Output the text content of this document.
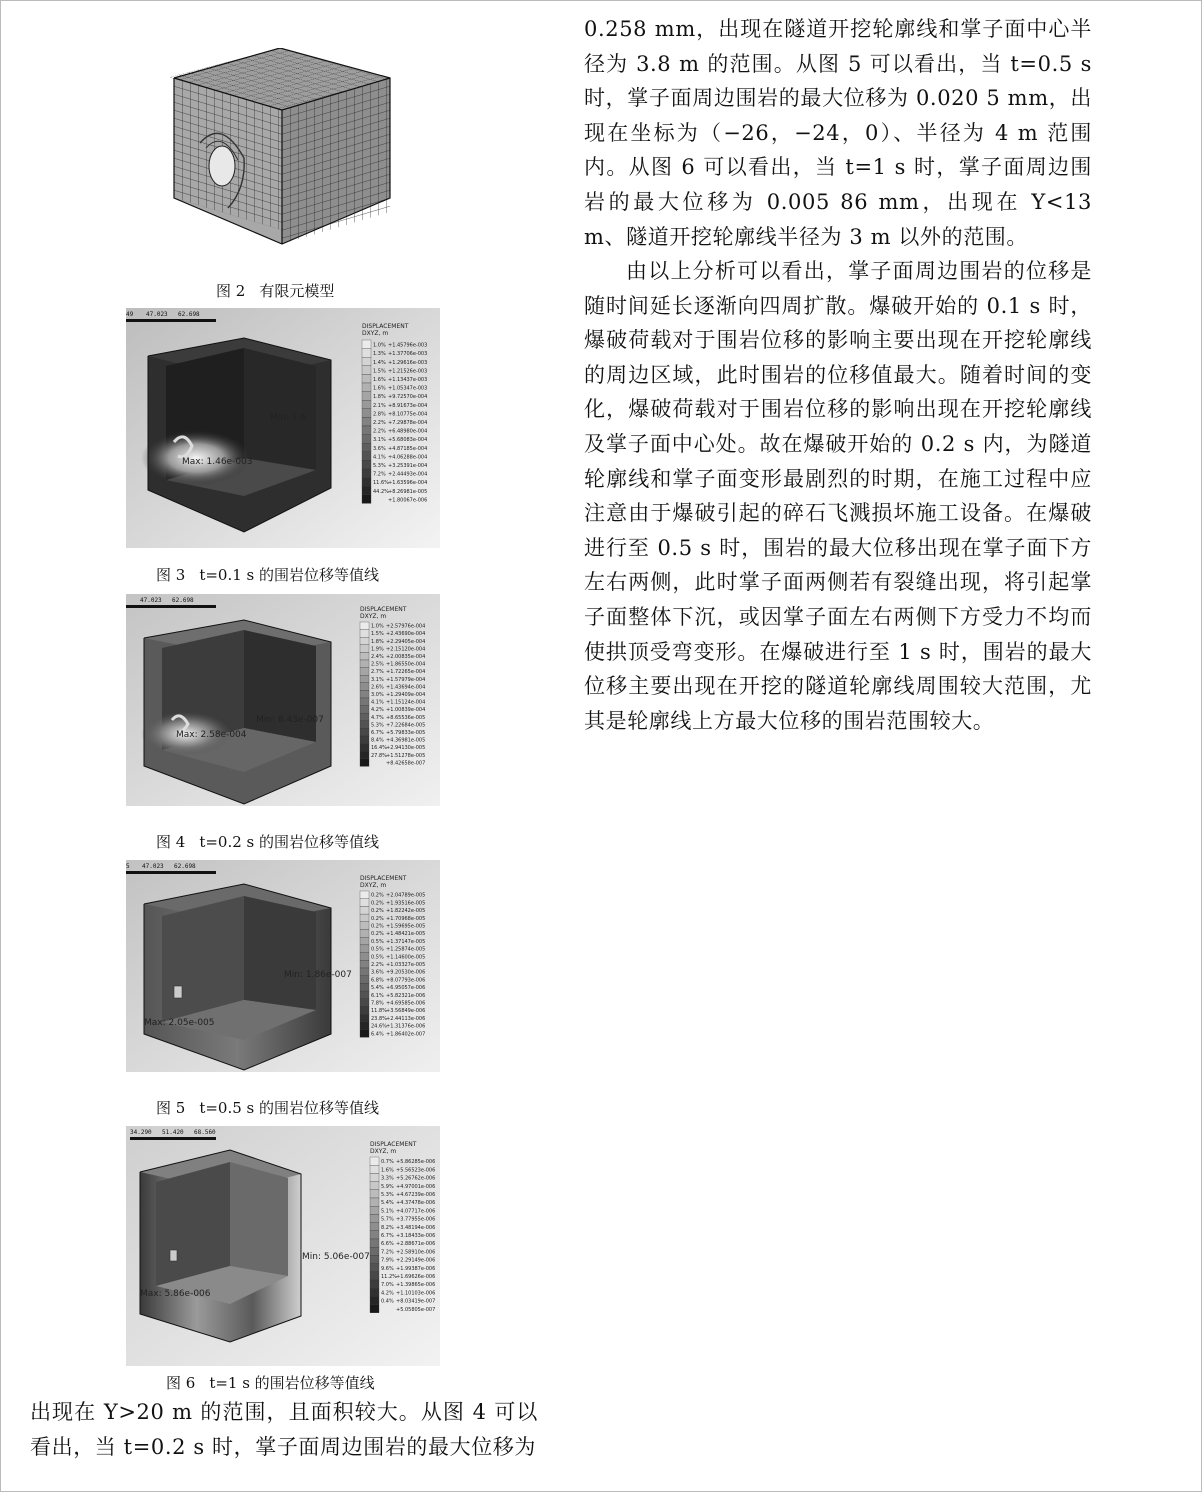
图 2 有限元模型
49 47.023 62.698
Max: 1.46e-003
Min: 1.6
DISPLACEMENT
DXYZ, m
1.0% +1.45796e-003
1.3% +1.37706e-003
1.4% +1.29616e-003
1.5% +1.21526e-003
1.6% +1.13437e-003
1.6% +1.05347e-003
1.8% +9.72570e-004
2.1% +8.91673e-004
2.8% +8.10775e-004
2.2% +7.29878e-004
2.2% +6.48980e-004
3.1% +5.68083e-004
3.6% +4.87185e-004
4.1% +4.06288e-004
5.3% +3.25391e-004
7.2% +2.44493e-004
11.6% +1.63596e-004
44.2% +8.26981e-005
+1.80067e-006
图 3 t=0.1 s 的围岩位移等值线
47.023 62.698
Max: 2.58e-004
Min: 8.43e-007
DISPLACEMENT
DXYZ, m
1.0% +2.57976e-004
1.5% +2.43690e-004
1.8% +2.29405e-004
1.9% +2.15120e-004
2.4% +2.00835e-004
2.5% +1.86550e-004
2.7% +1.72265e-004
3.1% +1.57979e-004
2.6% +1.43694e-004
3.0% +1.29409e-004
4.1% +1.15124e-004
4.2% +1.00839e-004
4.7% +8.65536e-005
5.3% +7.22684e-005
6.7% +5.79833e-005
8.4% +4.36981e-005
16.4% +2.94130e-005
27.8% +1.51278e-005
+8.42658e-007
图 4 t=0.2 s 的围岩位移等值线
5 47.023 62.698
Max: 2.05e-005
Min: 1.86e-007
DISPLACEMENT
DXYZ, m
0.2% +2.04789e-005
0.2% +1.93516e-005
0.2% +1.82242e-005
0.2% +1.70968e-005
0.2% +1.59695e-005
0.2% +1.48421e-005
0.5% +1.37147e-005
0.5% +1.25874e-005
0.5% +1.14600e-005
2.2% +1.03327e-005
3.6% +9.20530e-006
6.8% +8.07793e-006
5.4% +6.95057e-006
6.1% +5.82321e-006
7.8% +4.69585e-006
11.8% +3.56849e-006
23.8% +2.44113e-006
24.6% +1.31376e-006
6.4% +1.86402e-007
图 5 t=0.5 s 的围岩位移等值线
34.290 51.420 68.560
Max: 5.86e-006
Min: 5.06e-007
DISPLACEMENT
DXYZ, m
0.7% +5.86285e-006
1.6% +5.56523e-006
3.3% +5.26762e-006
5.9% +4.97001e-006
5.3% +4.67239e-006
5.4% +4.37478e-006
5.1% +4.07717e-006
5.7% +3.77955e-006
8.2% +3.48194e-006
6.7% +3.18433e-006
6.6% +2.88671e-006
7.2% +2.58910e-006
7.9% +2.29149e-006
9.6% +1.99387e-006
11.2% +1.69626e-006
7.0% +1.39865e-006
4.2% +1.10103e-006
0.4% +8.03419e-007
+5.05805e-007
图 6 t=1 s 的围岩位移等值线

出现在 Y>20 m 的范围，且面积较大。从图 4 可以看出，当 t=0.2 s 时，掌子面周边围岩的最大位移为

0.258 mm，出现在隧道开挖轮廓线和掌子面中心半径为 3.8 m 的范围。从图 5 可以看出，当 t=0.5 s 时，掌子面周边围岩的最大位移为 0.020 5 mm，出现在坐标为（−26，−24，0）、半径为 4 m 范围内。从图 6 可以看出，当 t=1 s 时，掌子面周边围岩的最大位移为 0.005 86 mm，出现在 Y<13 m、隧道开挖轮廓线半径为 3 m 以外的范围。

由以上分析可以看出，掌子面周边围岩的位移是随时间延长逐渐向四周扩散。爆破开始的 0.1 s 时，爆破荷载对于围岩位移的影响主要出现在开挖轮廓线的周边区域，此时围岩的位移值最大。随着时间的变化，爆破荷载对于围岩位移的影响出现在开挖轮廓线及掌子面中心处。故在爆破开始的 0.2 s 内，为隧道轮廓线和掌子面变形最剧烈的时期，在施工过程中应注意由于爆破引起的碎石飞溅损坏施工设备。在爆破进行至 0.5 s 时，围岩的最大位移出现在掌子面下方左右两侧，此时掌子面两侧若有裂缝出现，将引起掌子面整体下沉，或因掌子面左右两侧下方受力不均而使拱顶受弯变形。在爆破进行至 1 s 时，围岩的最大位移主要出现在开挖的隧道轮廓线周围较大范围，尤其是轮廓线上方最大位移的围岩范围较大。
